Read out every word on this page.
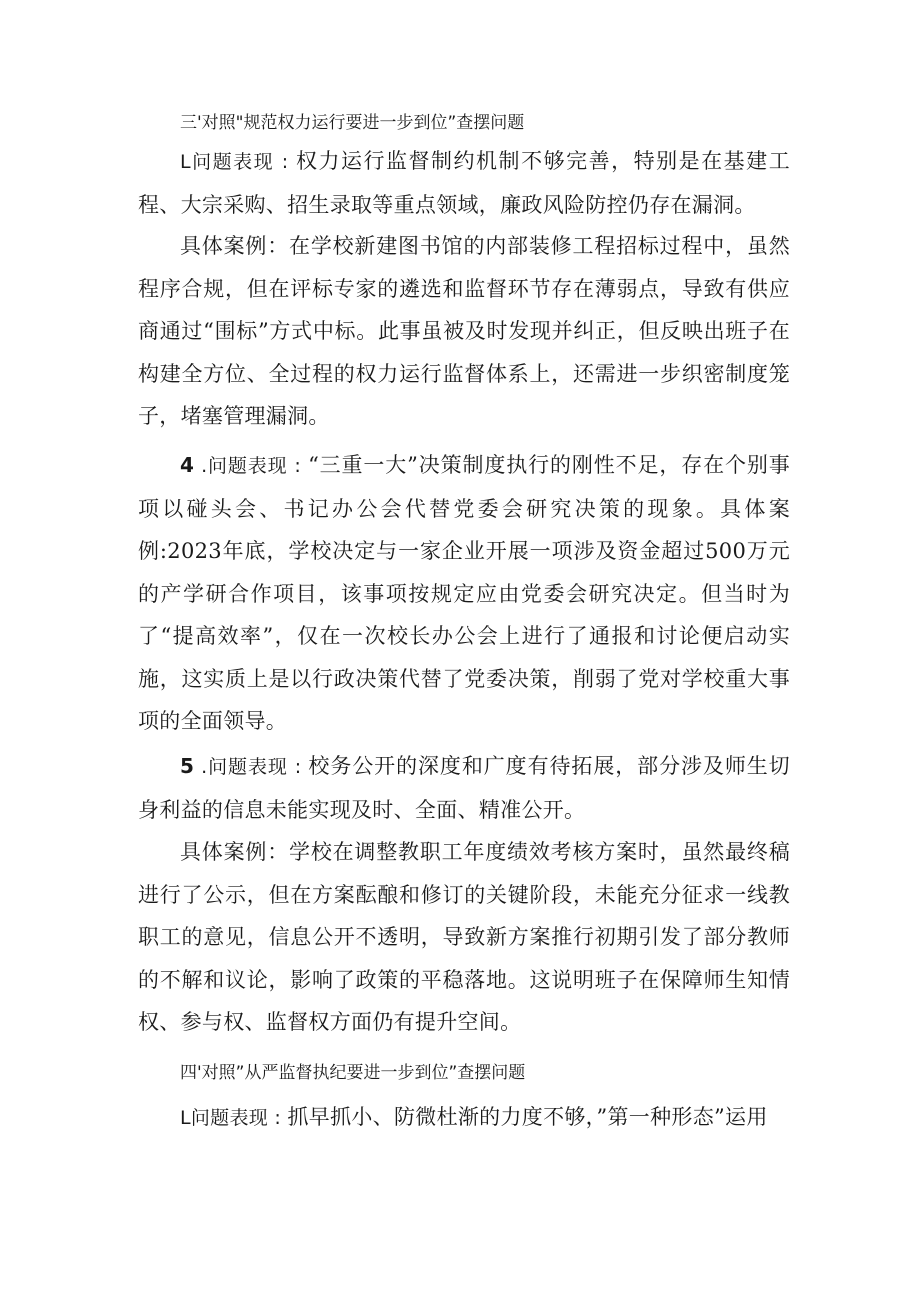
三'对照"规范权力运行要进一步到位”查摆问题
L问题表现 : 权力运行监督制约机制不够完善，特别是在基建工程、大宗采购、招生录取等重点领域，廉政风险防控仍存在漏洞。
具体案例：在学校新建图书馆的内部装修工程招标过程中，虽然程序合规，但在评标专家的遴选和监督环节存在薄弱点，导致有供应商通过“围标”方式中标。此事虽被及时发现并纠正，但反映出班子在构建全方位、全过程的权力运行监督体系上，还需进一步织密制度笼子，堵塞管理漏洞。
4 .问题表现 : “三重一大”决策制度执行的刚性不足，存在个别事项以碰头会、书记办公会代替党委会研究决策的现象。具体案例:2023年底，学校决定与一家企业开展一项涉及资金超过500万元的产学研合作项目，该事项按规定应由党委会研究决定。但当时为了“提高效率”，仅在一次校长办公会上进行了通报和讨论便启动实施，这实质上是以行政决策代替了党委决策，削弱了党对学校重大事项的全面领导。
5 .问题表现 : 校务公开的深度和广度有待拓展，部分涉及师生切身利益的信息未能实现及时、全面、精准公开。
具体案例：学校在调整教职工年度绩效考核方案时，虽然最终稿进行了公示，但在方案酝酿和修订的关键阶段，未能充分征求一线教职工的意见，信息公开不透明，导致新方案推行初期引发了部分教师的不解和议论，影响了政策的平稳落地。这说明班子在保障师生知情权、参与权、监督权方面仍有提升空间。
四'对照”从严监督执纪要进一步到位”查摆问题
L问题表现 : 抓早抓小、防微杜渐的力度不够，”第一种形态”运用
